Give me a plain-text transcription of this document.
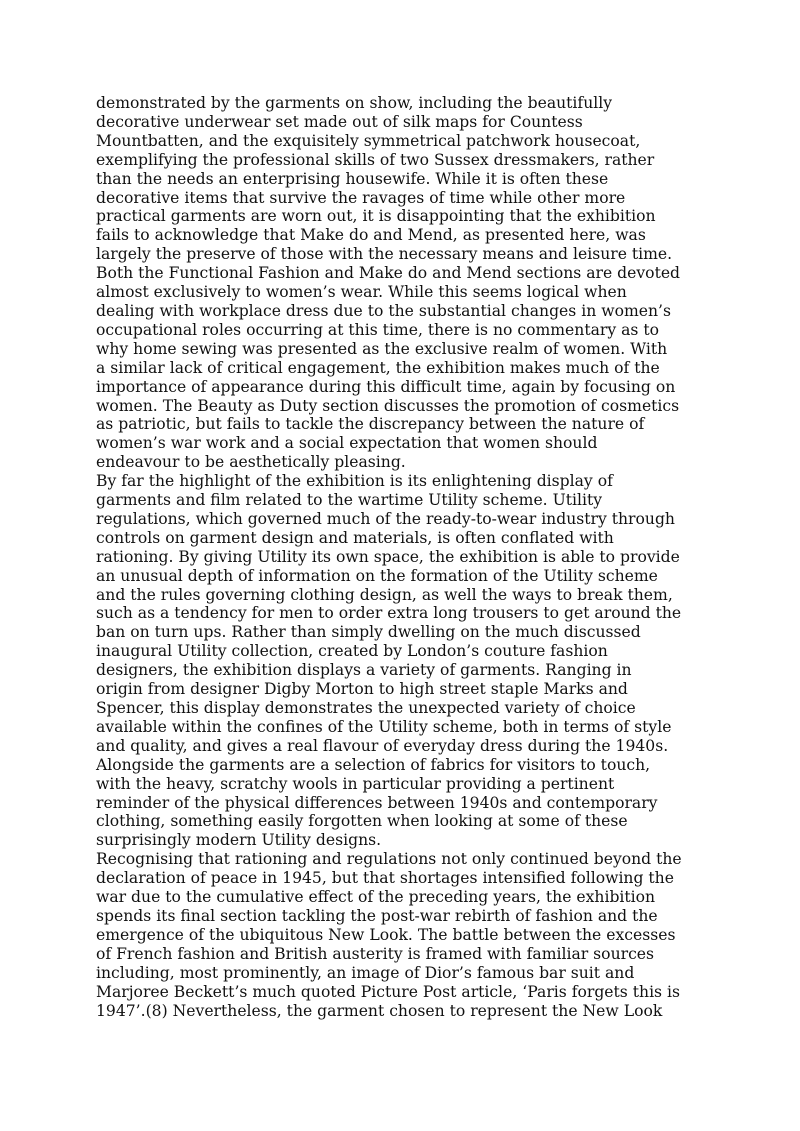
demonstrated by the garments on show, including the beautifully
decorative underwear set made out of silk maps for Countess
Mountbatten, and the exquisitely symmetrical patchwork housecoat,
exemplifying the professional skills of two Sussex dressmakers, rather
than the needs an enterprising housewife. While it is often these
decorative items that survive the ravages of time while other more
practical garments are worn out, it is disappointing that the exhibition
fails to acknowledge that Make do and Mend, as presented here, was
largely the preserve of those with the necessary means and leisure time.
Both the Functional Fashion and Make do and Mend sections are devoted
almost exclusively to women’s wear. While this seems logical when
dealing with workplace dress due to the substantial changes in women’s
occupational roles occurring at this time, there is no commentary as to
why home sewing was presented as the exclusive realm of women. With
a similar lack of critical engagement, the exhibition makes much of the
importance of appearance during this difficult time, again by focusing on
women. The Beauty as Duty section discusses the promotion of cosmetics
as patriotic, but fails to tackle the discrepancy between the nature of
women’s war work and a social expectation that women should
endeavour to be aesthetically pleasing.
By far the highlight of the exhibition is its enlightening display of
garments and film related to the wartime Utility scheme. Utility
regulations, which governed much of the ready-to-wear industry through
controls on garment design and materials, is often conflated with
rationing. By giving Utility its own space, the exhibition is able to provide
an unusual depth of information on the formation of the Utility scheme
and the rules governing clothing design, as well the ways to break them,
such as a tendency for men to order extra long trousers to get around the
ban on turn ups. Rather than simply dwelling on the much discussed
inaugural Utility collection, created by London’s couture fashion
designers, the exhibition displays a variety of garments. Ranging in
origin from designer Digby Morton to high street staple Marks and
Spencer, this display demonstrates the unexpected variety of choice
available within the confines of the Utility scheme, both in terms of style
and quality, and gives a real flavour of everyday dress during the 1940s.
Alongside the garments are a selection of fabrics for visitors to touch,
with the heavy, scratchy wools in particular providing a pertinent
reminder of the physical differences between 1940s and contemporary
clothing, something easily forgotten when looking at some of these
surprisingly modern Utility designs.
Recognising that rationing and regulations not only continued beyond the
declaration of peace in 1945, but that shortages intensified following the
war due to the cumulative effect of the preceding years, the exhibition
spends its final section tackling the post-war rebirth of fashion and the
emergence of the ubiquitous New Look. The battle between the excesses
of French fashion and British austerity is framed with familiar sources
including, most prominently, an image of Dior’s famous bar suit and
Marjoree Beckett’s much quoted Picture Post article, ‘Paris forgets this is
1947’.(8) Nevertheless, the garment chosen to represent the New Look
